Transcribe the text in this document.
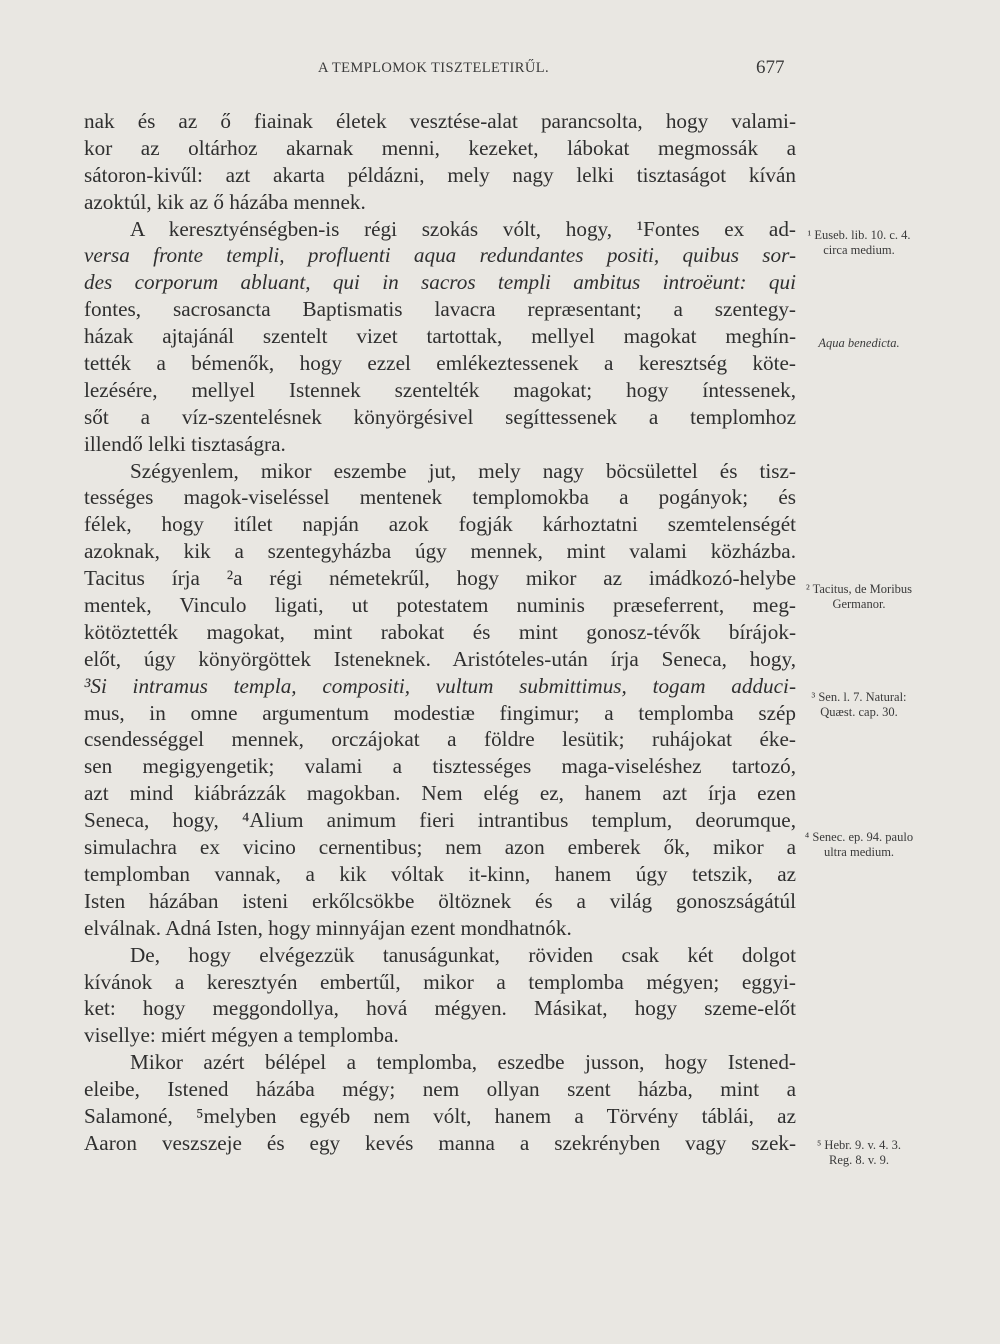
A TEMPLOMOK TISZTELETIRŰL.	677
nak és az ő fiainak életek vesztése-alat parancsolta, hogy valami-
kor az oltárhoz akarnak menni, kezeket, lábokat megmossák a
sátoron-kivűl: azt akarta példázni, mely nagy lelki tisztaságot kíván
azoktúl, kik az ő házába mennek.
A keresztyénségben-is régi szokás vólt, hogy, ¹Fontes ex ad-
versa fronte templi, profluenti aqua redundantes positi, quibus sor-
des corporum abluant, qui in sacros templi ambitus introëunt: qui
fontes, sacrosancta Baptismatis lavacra repræsentant; a szentegy-
házak ajtajánál szentelt vizet tartottak, mellyel magokat meghín-
tették a bémenők, hogy ezzel emlékeztessenek a keresztség köte-
lezésére, mellyel Istennek szentelték magokat; hogy íntessenek,
sőt a víz-szentelésnek könyörgésivel segíttessenek a templomhoz
illendő lelki tisztaságra.
Szégyenlem, mikor eszembe jut, mely nagy böcsülettel és tisz-
tességes magok-viseléssel mentenek templomokba a pogányok; és
félek, hogy itílet napján azok fogják kárhoztatni szemtelenségét
azoknak, kik a szentegyházba úgy mennek, mint valami közházba.
Tacitus írja ²a régi németekrűl, hogy mikor az imádkozó-helybe
mentek, Vinculo ligati, ut potestatem numinis præseferrent, meg-
kötöztették magokat, mint rabokat és mint gonosz-tévők bírájok-
előt, úgy könyörgöttek Isteneknek. Aristóteles-után írja Seneca, hogy,
³Si intramus templa, compositi, vultum submittimus, togam adduci-
mus, in omne argumentum modestiæ fingimur; a templomba szép
csendességgel mennek, orczájokat a földre lesütik; ruhájokat éke-
sen megigyengetik; valami a tisztességes maga-viseléshez tartozó,
azt mind kiábrázzák magokban. Nem elég ez, hanem azt írja ezen
Seneca, hogy, ⁴Alium animum fieri intrantibus templum, deorumque,
simulachra ex vicino cernentibus; nem azon emberek ők, mikor a
templomban vannak, a kik vóltak it-kinn, hanem úgy tetszik, az
Isten házában isteni erkőlcsökbe öltöznek és a világ gonoszságátúl
elválnak. Adná Isten, hogy minnyájan ezent mondhatnók.
De, hogy elvégezzük tanuságunkat, röviden csak két dolgot
kívánok a keresztyén embertűl, mikor a templomba mégyen; eggyi-
ket: hogy meggondollya, hová mégyen. Másikat, hogy szeme-előt
visellye: miért mégyen a templomba.
Mikor azért bélépel a templomba, eszedbe jusson, hogy Istened-
eleibe, Istened házába mégy; nem ollyan szent házba, mint a
Salamoné, ⁵melyben egyéb nem vólt, hanem a Törvény táblái, az
Aaron veszszeje és egy kevés manna a szekrényben vagy szek-
¹ Euseb. lib. 10. c. 4. circa medium.
Aqua benedicta.
² Tacitus, de Moribus Germanor.
³ Sen. l. 7. Natural: Quæst. cap. 30.
⁴ Senec. ep. 94. paulo ultra medium.
⁵ Hebr. 9. v. 4. 3. Reg. 8. v. 9.
